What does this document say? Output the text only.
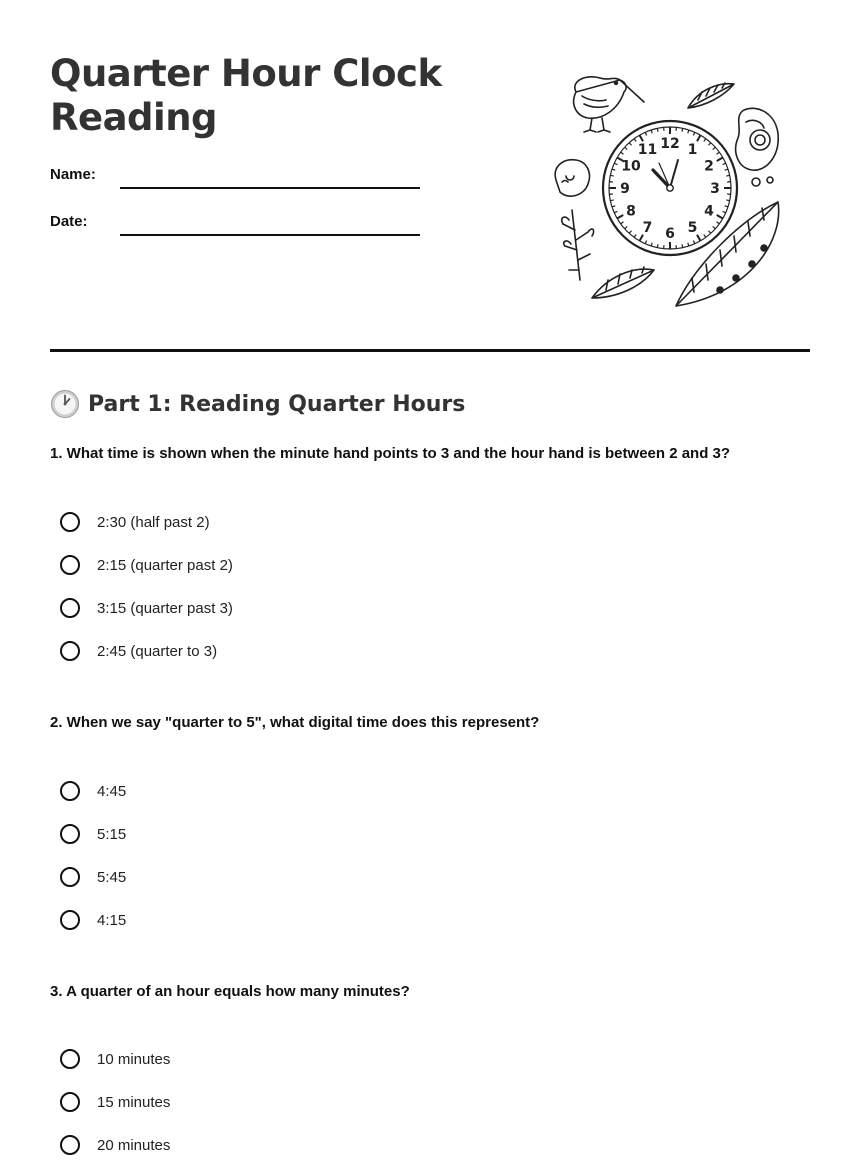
Quarter Hour Clock Reading
Name:
Date:
12 1
2
3
4
5
6
7
8
9
10
11
Part 1: Reading Quarter Hours
1. What time is shown when the minute hand points to 3 and the hour hand is between 2 and 3?
2:30 (half past 2)
2:15 (quarter past 2)
3:15 (quarter past 3)
2:45 (quarter to 3)
2. When we say "quarter to 5", what digital time does this represent?
4:45
5:15
5:45
4:15
3. A quarter of an hour equals how many minutes?
10 minutes
15 minutes
20 minutes
